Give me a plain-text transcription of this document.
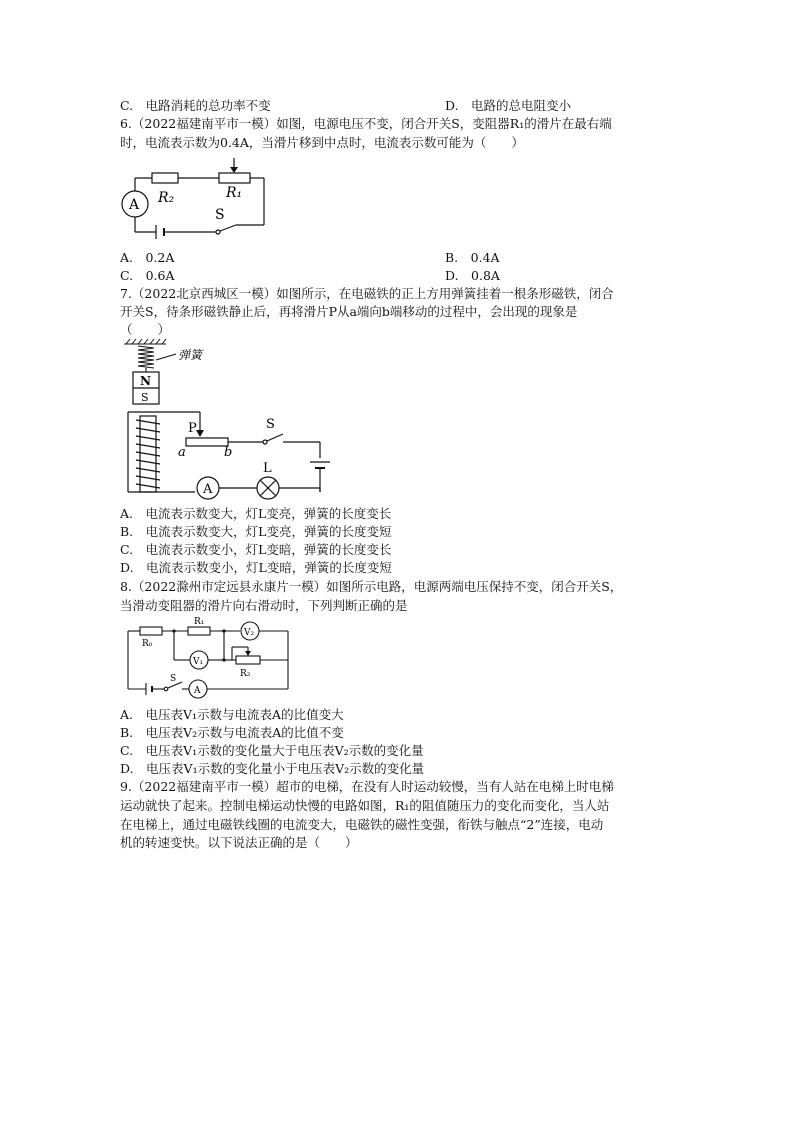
C.　电路消耗的总功率不变	D.　电路的总电阻变小
6.（2022福建南平市一模）如图，电源电压不变，闭合开关S，变阻器R₁的滑片在最右端
时，电流表示数为0.4A，当滑片移到中点时，电流表示数可能为（　　）
A R₂	R₁
S
A.　0.2A	B.　0.4A
C.　0.6A	D.　0.8A
7.（2022北京西城区一模）如图所示，在电磁铁的正上方用弹簧挂着一根条形磁铁，闭合
开关S，待条形磁铁静止后，再将滑片P从a端向b端移动的过程中，会出现的现象是
（　　）
弹簧
N
S
P
a	b
S
L
A
A.　电流表示数变大，灯L变亮，弹簧的长度变长
B.　电流表示数变大，灯L变亮，弹簧的长度变短
C.　电流表示数变小，灯L变暗，弹簧的长度变长
D.　电流表示数变小，灯L变暗，弹簧的长度变短
8.（2022滁州市定远县永康片一模）如图所示电路，电源两端电压保持不变，闭合开关S，
当滑动变阻器的滑片向右滑动时，下列判断正确的是
R₀
R₁
V₂
V₁
R₂
S
A
A.　电压表V₁示数与电流表A的比值变大
B.　电压表V₂示数与电流表A的比值不变
C.　电压表V₁示数的变化量大于电压表V₂示数的变化量
D.　电压表V₁示数的变化量小于电压表V₂示数的变化量
9.（2022福建南平市一模）超市的电梯，在没有人时运动较慢，当有人站在电梯上时电梯
运动就快了起来。控制电梯运动快慢的电路如图，R₁的阻值随压力的变化而变化，当人站
在电梯上，通过电磁铁线圈的电流变大，电磁铁的磁性变强，衔铁与触点“2”连接，电动
机的转速变快。以下说法正确的是（　　）
